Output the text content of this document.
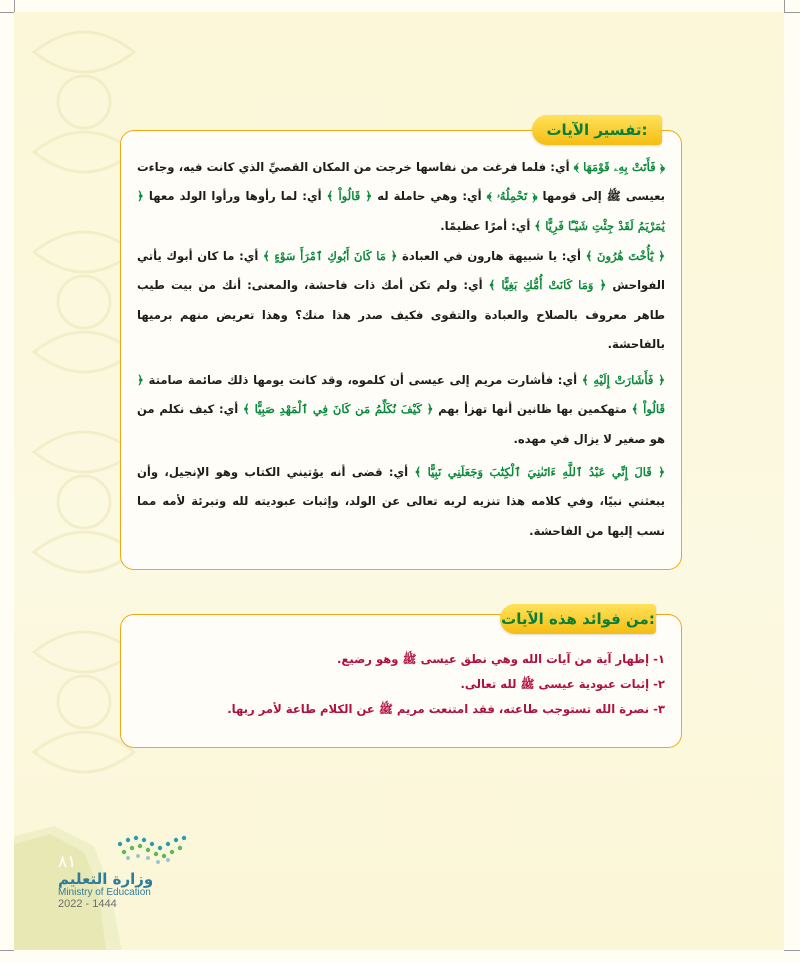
﴿ فَأَتَتْ بِهِۦ قَوْمَهَا ﴾ أي: فلما فرغت من نفاسها خرجت من المكان القصيِّ الذي كانت فيه، وجاءت بعيسى ﷺ إلى قومها ﴿ تَحْمِلُهُۥ ﴾ أي: وهي حاملة له ﴿ قَالُواْ ﴾ أي: لما رأوها ورأوا الولد معها ﴿ يَٰمَرْيَمُ لَقَدْ جِئْتِ شَيْـًٔا فَرِيًّا ﴾ أي: أمرًا عظيمًا.
﴿ يَٰٓأُخْتَ هَٰرُونَ ﴾ أي: يا شبيهة هارون في العبادة ﴿ مَا كَانَ أَبُوكِ ٱمْرَأَ سَوْءٍ ﴾ أي: ما كان أبوك يأتي الفواحش ﴿ وَمَا كَانَتْ أُمُّكِ بَغِيًّا ﴾ أي: ولم تكن أمك ذات فاحشة، والمعنى: أنك من بيت طيب طاهر معروف بالصلاح والعبادة والتقوى فكيف صدر هذا منك؟ وهذا تعريض منهم برميها بالفاحشة.
﴿ فَأَشَارَتْ إِلَيْهِ ﴾ أي: فأشارت مريم إلى عيسى أن كلموه، وقد كانت يومها ذلك صائمة صامتة ﴿ قَالُواْ ﴾ متهكمين بها ظانين أنها تهزأ بهم ﴿ كَيْفَ نُكَلِّمُ مَن كَانَ فِي ٱلْمَهْدِ صَبِيًّا ﴾ أي: كيف نكلم من هو صغير لا يزال في مهده.
﴿ قَالَ إِنِّي عَبْدُ ٱللَّهِ ءَاتَىٰنِيَ ٱلْكِتَٰبَ وَجَعَلَنِي نَبِيًّا ﴾ أي: قضى أنه يؤتيني الكتاب وهو الإنجيل، وأن يبعثني نبيًا، وفي كلامه هذا تنزيه لربه تعالى عن الولد، وإثبات عبوديته لله وتبرئة لأمه مما نسب إليها من الفاحشة.
تفسير الآيات:
١- إظهار آية من آيات الله وهي نطق عيسى ﷺ وهو رضيع.
٢- إثبات عبودية عيسى ﷺ لله تعالى.
٣- نصرة الله تستوجب طاعته، فقد امتنعت مريم ﷺ عن الكلام طاعة لأمر ربها.
من فوائد هذه الآيات:
٨١
وزارة التعليم
Ministry of Education
2022 - 1444
